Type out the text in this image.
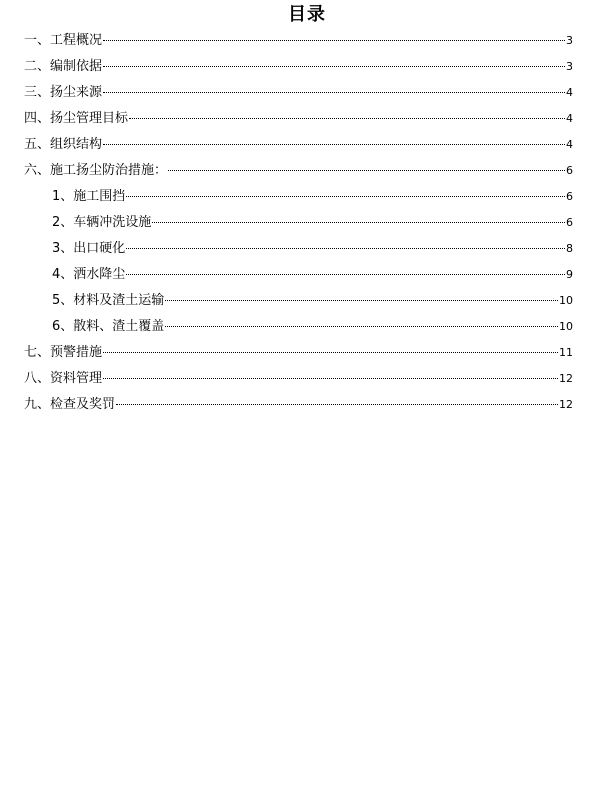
目录
一、工程概况	3
二、编制依据	3
三、扬尘来源	4
四、扬尘管理目标	4
五、组织结构	4
六、施工扬尘防治措施：	6
1、施工围挡	6
2、车辆冲洗设施	6
3、出口硬化	8
4、洒水降尘	9
5、材料及渣土运输	10
6、散料、渣土覆盖	10
七、预警措施	11
八、资料管理	12
九、检查及奖罚	12
